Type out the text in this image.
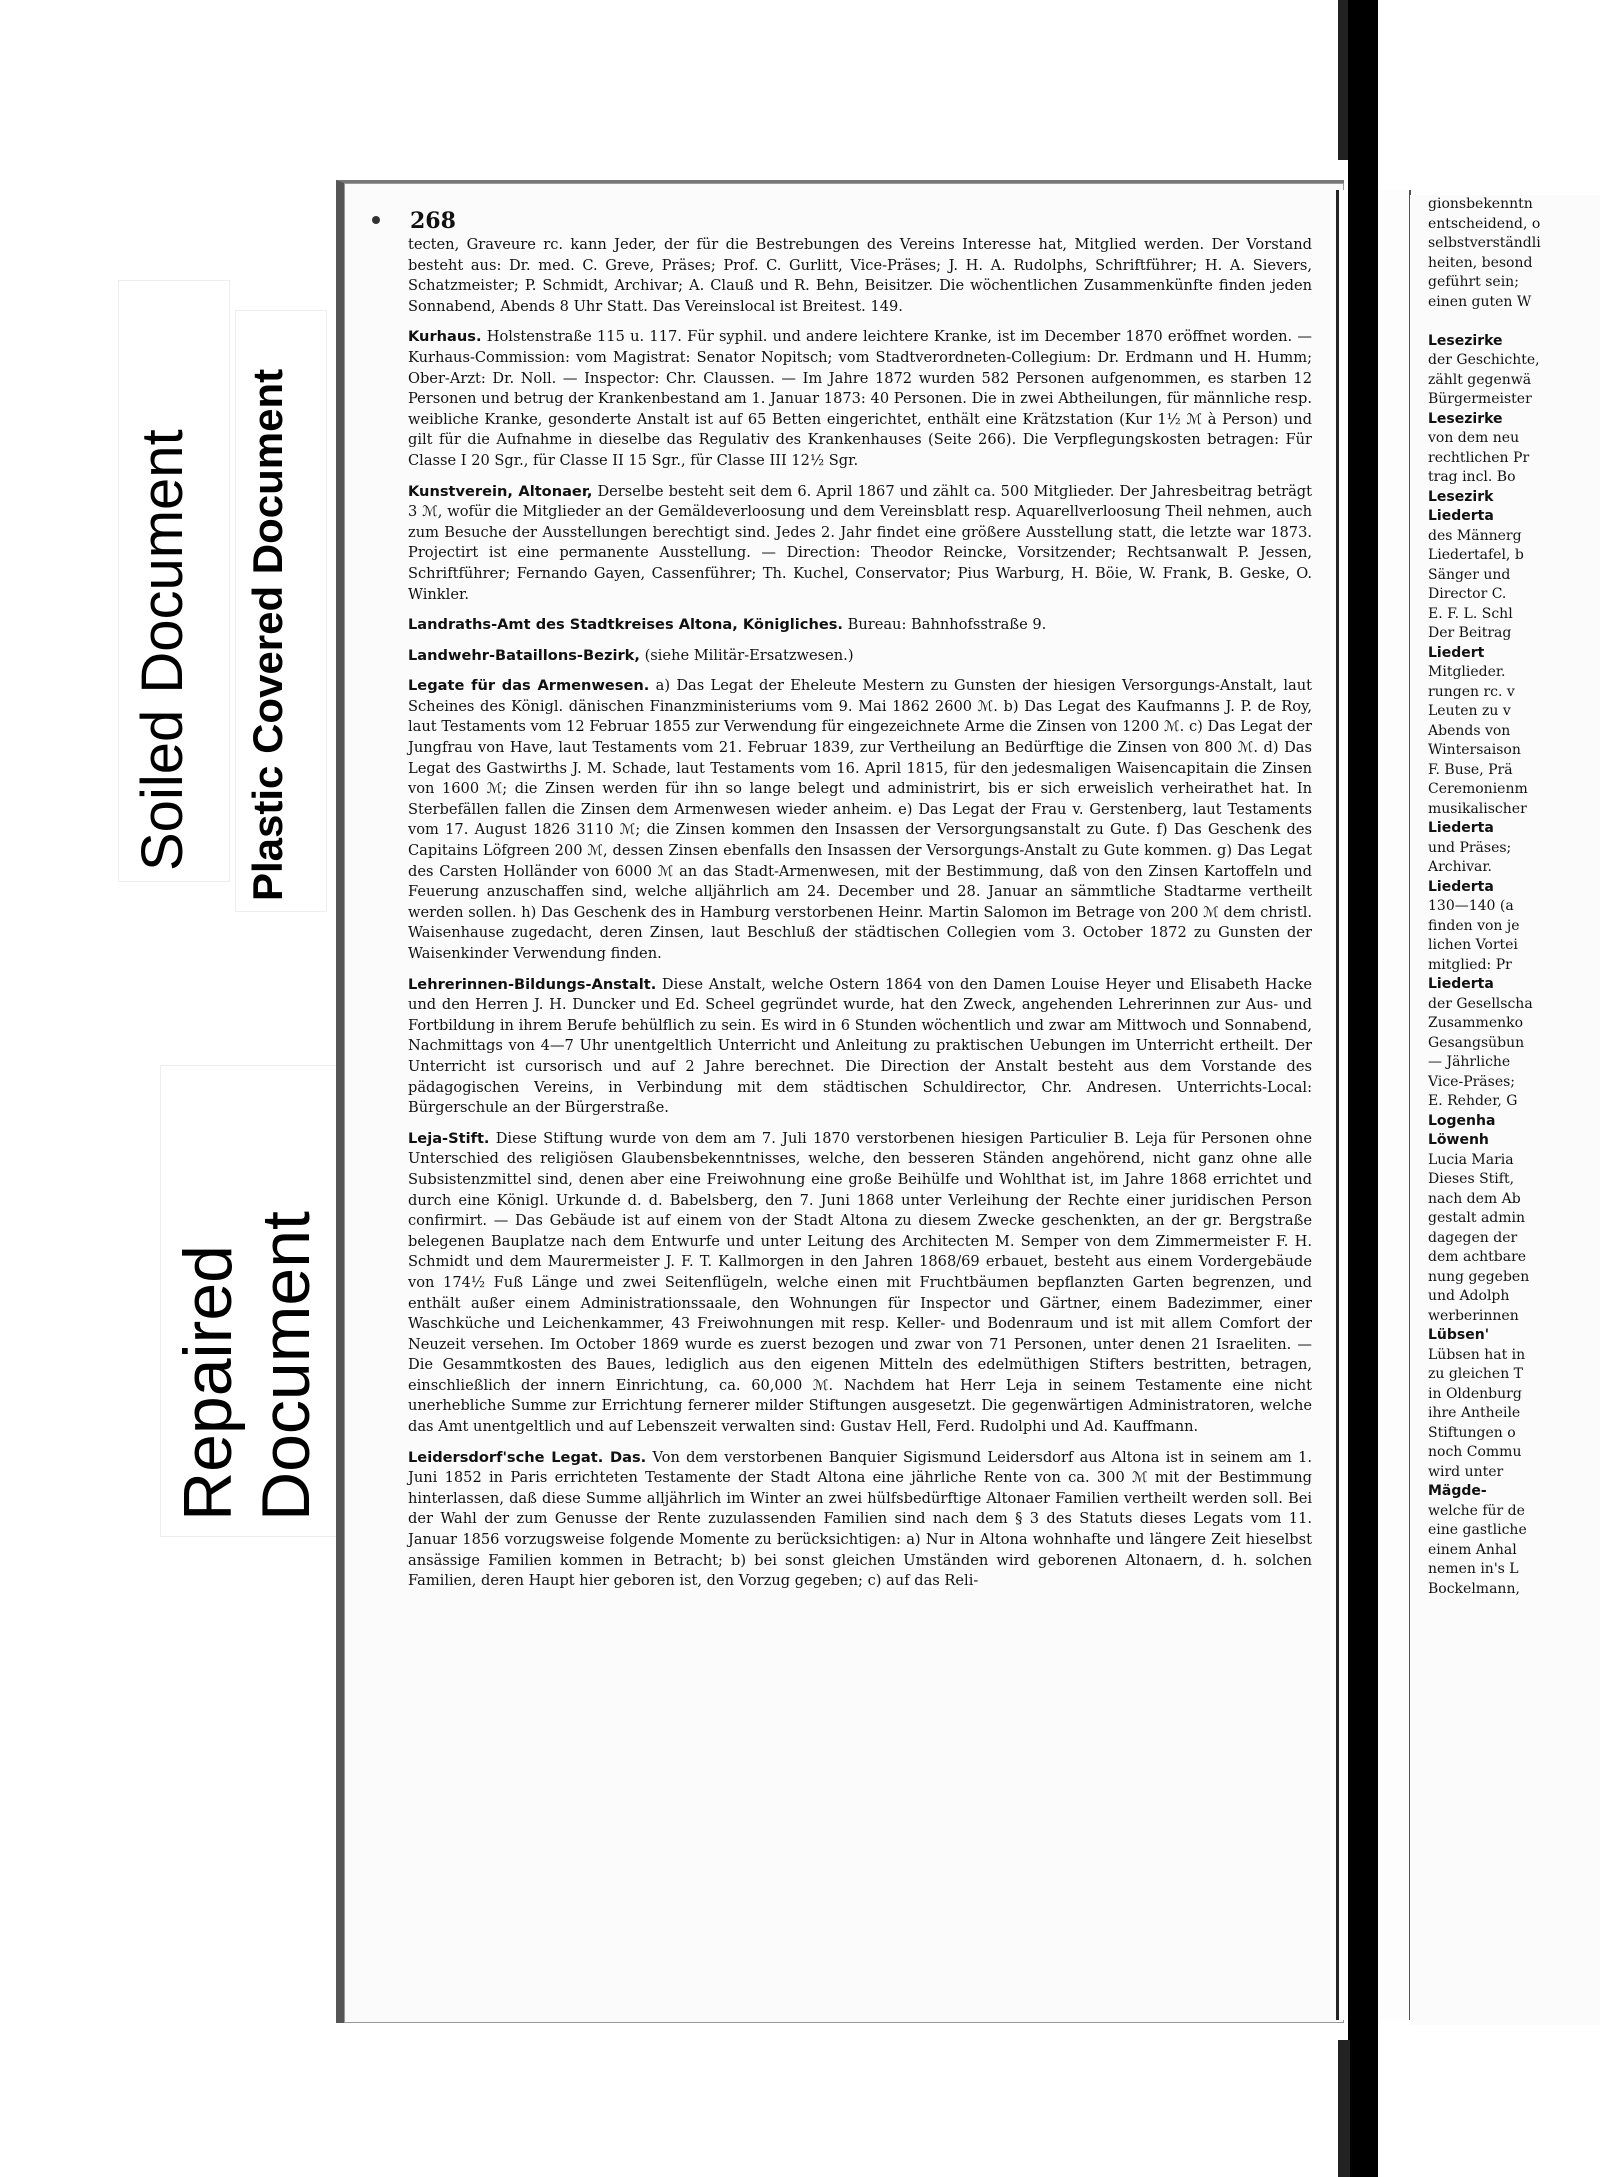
Soiled Document Plastic Covered Document
Repaired Document
268

tecten, Graveure rc. kann Jeder, der für die Bestrebungen des Vereins Interesse hat, Mitglied werden. Der Vorstand besteht aus: Dr. med. C. Greve, Präses; Prof. C. Gurlitt, Vice-Präses; J. H. A. Rudolphs, Schriftführer; H. A. Sievers, Schatzmeister; P. Schmidt, Archivar; A. Clauß und R. Behn, Beisitzer. Die wöchentlichen Zusammenkünfte finden jeden Sonnabend, Abends 8 Uhr Statt. Das Vereinslocal ist Breitest. 149.

Kurhaus. Holstenstraße 115 u. 117. Für syphil. und andere leichtere Kranke, ist im December 1870 eröffnet worden. — Kurhaus-Commission: vom Magistrat: Senator Nopitsch; vom Stadtverordneten-Collegium: Dr. Erdmann und H. Humm; Ober-Arzt: Dr. Noll. — Inspector: Chr. Claussen. — Im Jahre 1872 wurden 582 Personen aufgenommen, es starben 12 Personen und betrug der Krankenbestand am 1. Januar 1873: 40 Personen. Die in zwei Abtheilungen, für männliche resp. weibliche Kranke, gesonderte Anstalt ist auf 65 Betten eingerichtet, enthält eine Krätzstation (Kur 1½ ℳ à Person) und gilt für die Aufnahme in dieselbe das Regulativ des Krankenhauses (Seite 266). Die Verpflegungskosten betragen: Für Classe I 20 Sgr., für Classe II 15 Sgr., für Classe III 12½ Sgr.

Kunstverein, Altonaer, Derselbe besteht seit dem 6. April 1867 und zählt ca. 500 Mitglieder. Der Jahresbeitrag beträgt 3 ℳ, wofür die Mitglieder an der Gemäldeverloosung und dem Vereinsblatt resp. Aquarellverloosung Theil nehmen, auch zum Besuche der Ausstellungen berechtigt sind. Jedes 2. Jahr findet eine größere Ausstellung statt, die letzte war 1873. Projectirt ist eine permanente Ausstellung. — Direction: Theodor Reincke, Vorsitzender; Rechtsanwalt P. Jessen, Schriftführer; Fernando Gayen, Cassenführer; Th. Kuchel, Conservator; Pius Warburg, H. Böie, W. Frank, B. Geske, O. Winkler.

Landraths-Amt des Stadtkreises Altona, Königliches. Bureau: Bahnhofsstraße 9.

Landwehr-Bataillons-Bezirk, (siehe Militär-Ersatzwesen.)

Legate für das Armenwesen. a) Das Legat der Eheleute Mestern zu Gunsten der hiesigen Versorgungs-Anstalt, laut Scheines des Königl. dänischen Finanzministeriums vom 9. Mai 1862 2600 ℳ. b) Das Legat des Kaufmanns J. P. de Roy, laut Testaments vom 12 Februar 1855 zur Verwendung für eingezeichnete Arme die Zinsen von 1200 ℳ. c) Das Legat der Jungfrau von Have, laut Testaments vom 21. Februar 1839, zur Vertheilung an Bedürftige die Zinsen von 800 ℳ. d) Das Legat des Gastwirths J. M. Schade, laut Testaments vom 16. April 1815, für den jedesmaligen Waisencapitain die Zinsen von 1600 ℳ; die Zinsen werden für ihn so lange belegt und administrirt, bis er sich erweislich verheirathet hat. In Sterbefällen fallen die Zinsen dem Armenwesen wieder anheim. e) Das Legat der Frau v. Gerstenberg, laut Testaments vom 17. August 1826 3110 ℳ; die Zinsen kommen den Insassen der Versorgungsanstalt zu Gute. f) Das Geschenk des Capitains Löfgreen 200 ℳ, dessen Zinsen ebenfalls den Insassen der Versorgungs-Anstalt zu Gute kommen. g) Das Legat des Carsten Holländer von 6000 ℳ an das Stadt-Armenwesen, mit der Bestimmung, daß von den Zinsen Kartoffeln und Feuerung anzuschaffen sind, welche alljährlich am 24. December und 28. Januar an sämmtliche Stadtarme vertheilt werden sollen. h) Das Geschenk des in Hamburg verstorbenen Heinr. Martin Salomon im Betrage von 200 ℳ dem christl. Waisenhause zugedacht, deren Zinsen, laut Beschluß der städtischen Collegien vom 3. October 1872 zu Gunsten der Waisenkinder Verwendung finden.

Lehrerinnen-Bildungs-Anstalt. Diese Anstalt, welche Ostern 1864 von den Damen Louise Heyer und Elisabeth Hacke und den Herren J. H. Duncker und Ed. Scheel gegründet wurde, hat den Zweck, angehenden Lehrerinnen zur Aus- und Fortbildung in ihrem Berufe behülflich zu sein. Es wird in 6 Stunden wöchentlich und zwar am Mittwoch und Sonnabend, Nachmittags von 4—7 Uhr unentgeltlich Unterricht und Anleitung zu praktischen Uebungen im Unterricht ertheilt. Der Unterricht ist cursorisch und auf 2 Jahre berechnet. Die Direction der Anstalt besteht aus dem Vorstande des pädagogischen Vereins, in Verbindung mit dem städtischen Schuldirector, Chr. Andresen. Unterrichts-Local: Bürgerschule an der Bürgerstraße.

Leja-Stift. Diese Stiftung wurde von dem am 7. Juli 1870 verstorbenen hiesigen Particulier B. Leja für Personen ohne Unterschied des religiösen Glaubensbekenntnisses, welche, den besseren Ständen angehörend, nicht ganz ohne alle Subsistenzmittel sind, denen aber eine Freiwohnung eine große Beihülfe und Wohlthat ist, im Jahre 1868 errichtet und durch eine Königl. Urkunde d. d. Babelsberg, den 7. Juni 1868 unter Verleihung der Rechte einer juridischen Person confirmirt. — Das Gebäude ist auf einem von der Stadt Altona zu diesem Zwecke geschenkten, an der gr. Bergstraße belegenen Bauplatze nach dem Entwurfe und unter Leitung des Architecten M. Semper von dem Zimmermeister F. H. Schmidt und dem Maurermeister J. F. T. Kallmorgen in den Jahren 1868/69 erbauet, besteht aus einem Vordergebäude von 174½ Fuß Länge und zwei Seitenflügeln, welche einen mit Fruchtbäumen bepflanzten Garten begrenzen, und enthält außer einem Administrationssaale, den Wohnungen für Inspector und Gärtner, einem Badezimmer, einer Waschküche und Leichenkammer, 43 Freiwohnungen mit resp. Keller- und Bodenraum und ist mit allem Comfort der Neuzeit versehen. Im October 1869 wurde es zuerst bezogen und zwar von 71 Personen, unter denen 21 Israeliten. — Die Gesammtkosten des Baues, lediglich aus den eigenen Mitteln des edelmüthigen Stifters bestritten, betragen, einschließlich der innern Einrichtung, ca. 60,000 ℳ. Nachdem hat Herr Leja in seinem Testamente eine nicht unerhebliche Summe zur Errichtung fernerer milder Stiftungen ausgesetzt. Die gegenwärtigen Administratoren, welche das Amt unentgeltlich und auf Lebenszeit verwalten sind: Gustav Hell, Ferd. Rudolphi und Ad. Kauffmann.

Leidersdorf'sche Legat. Das. Von dem verstorbenen Banquier Sigismund Leidersdorf aus Altona ist in seinem am 1. Juni 1852 in Paris errichteten Testamente der Stadt Altona eine jährliche Rente von ca. 300 ℳ mit der Bestimmung hinterlassen, daß diese Summe alljährlich im Winter an zwei hülfsbedürftige Altonaer Familien vertheilt werden soll. Bei der Wahl der zum Genusse der Rente zuzulassenden Familien sind nach dem § 3 des Statuts dieses Legats vom 11. Januar 1856 vorzugsweise folgende Momente zu berücksichtigen: a) Nur in Altona wohnhafte und längere Zeit hieselbst ansässige Familien kommen in Betracht; b) bei sonst gleichen Umständen wird geborenen Altonaern, d. h. solchen Familien, deren Haupt hier geboren ist, den Vorzug gegeben; c) auf das Reli-

gionsbekenntn
entscheidend, o
selbstverständli
heiten, besond
geführt sein;
einen guten W

Lesezirke
der Geschichte,
zählt gegenwä
Bürgermeister
Lesezirke
von dem neu
rechtlichen Pr
trag incl. Bo
Lesezirk
Liederta
des Männerg
Liedertafel, b
Sänger und
Director C.
E. F. L. Schl
Der Beitrag
Liedert
Mitglieder.
rungen rc. v
Leuten zu v
Abends von
Wintersaison
F. Buse, Prä
Ceremonienm
musikalischer
Liederta
und Präses;
Archivar.
Liederta
130—140 (a
finden von je
lichen Vortei
mitglied: Pr
Liederta
der Gesellscha
Zusammenko
Gesangsübun
— Jährliche
Vice-Präses;
E. Rehder, G
Logenha
Löwenh
Lucia Maria
Dieses Stift,
nach dem Ab
gestalt admin
dagegen der
dem achtbare
nung gegeben
und Adolph
werberinnen
Lübsen'
Lübsen hat in
zu gleichen T
in Oldenburg
ihre Antheile
Stiftungen o
noch Commu
wird unter
Mägde-
welche für de
eine gastliche
einem Anhal
nemen in's L
Bockelmann,
